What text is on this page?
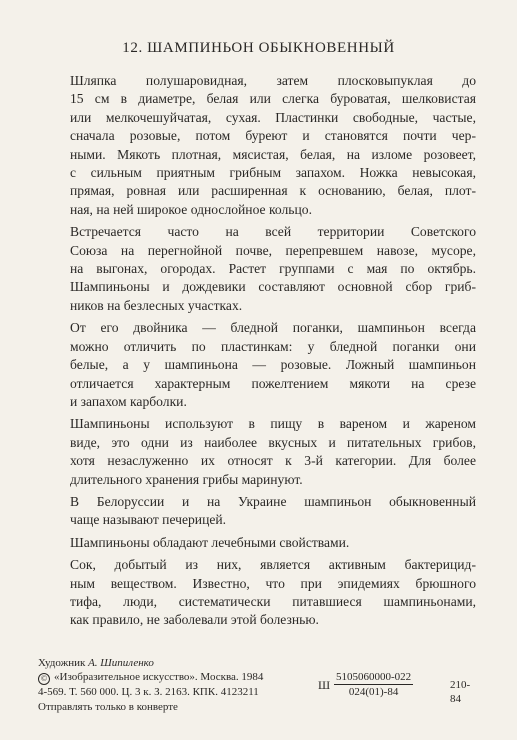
12. ШАМПИНЬОН ОБЫКНОВЕННЫЙ

Шляпка полушаровидная, затем плосковыпуклая до
15 см в диаметре, белая или слегка буроватая, шелковистая
или мелкочешуйчатая, сухая. Пластинки свободные, частые,
сначала розовые, потом буреют и становятся почти чер-
ными. Мякоть плотная, мясистая, белая, на изломе розовеет,
с сильным приятным грибным запахом. Ножка невысокая,
прямая, ровная или расширенная к основанию, белая, плот-
ная, на ней широкое однослойное кольцо.

Встречается часто на всей территории Советского
Союза на перегнойной почве, перепревшем навозе, мусоре,
на выгонах, огородах. Растет группами с мая по октябрь.
Шампиньоны и дождевики составляют основной сбор гриб-
ников на безлесных участках.

От его двойника — бледной поганки, шампиньон всегда
можно отличить по пластинкам: у бледной поганки они
белые, а у шампиньона — розовые. Ложный шампиньон
отличается характерным пожелтением мякоти на срезе
и запахом карболки.

Шампиньоны используют в пищу в вареном и жареном
виде, это одни из наиболее вкусных и питательных грибов,
хотя незаслуженно их относят к 3-й категории. Для более
длительного хранения грибы маринуют.

В Белоруссии и на Украине шампиньон обыкновенный
чаще называют печерицей.

Шампиньоны обладают лечебными свойствами.

Сок, добытый из них, является активным бактерицид-
ным веществом. Известно, что при эпидемиях брюшного
тифа, люди, систематически питавшиеся шампиньонами,
как правило, не заболевали этой болезнью.

Художник А. Шипиленко
© «Изобразительное искусство». Москва. 1984
4-569. Т. 560 000. Ц. 3 к. З. 2163. КПК. 4123211	Ш $\frac{5105060000-022}{024(01)-84}$	210-84
Отправлять только в конверте
